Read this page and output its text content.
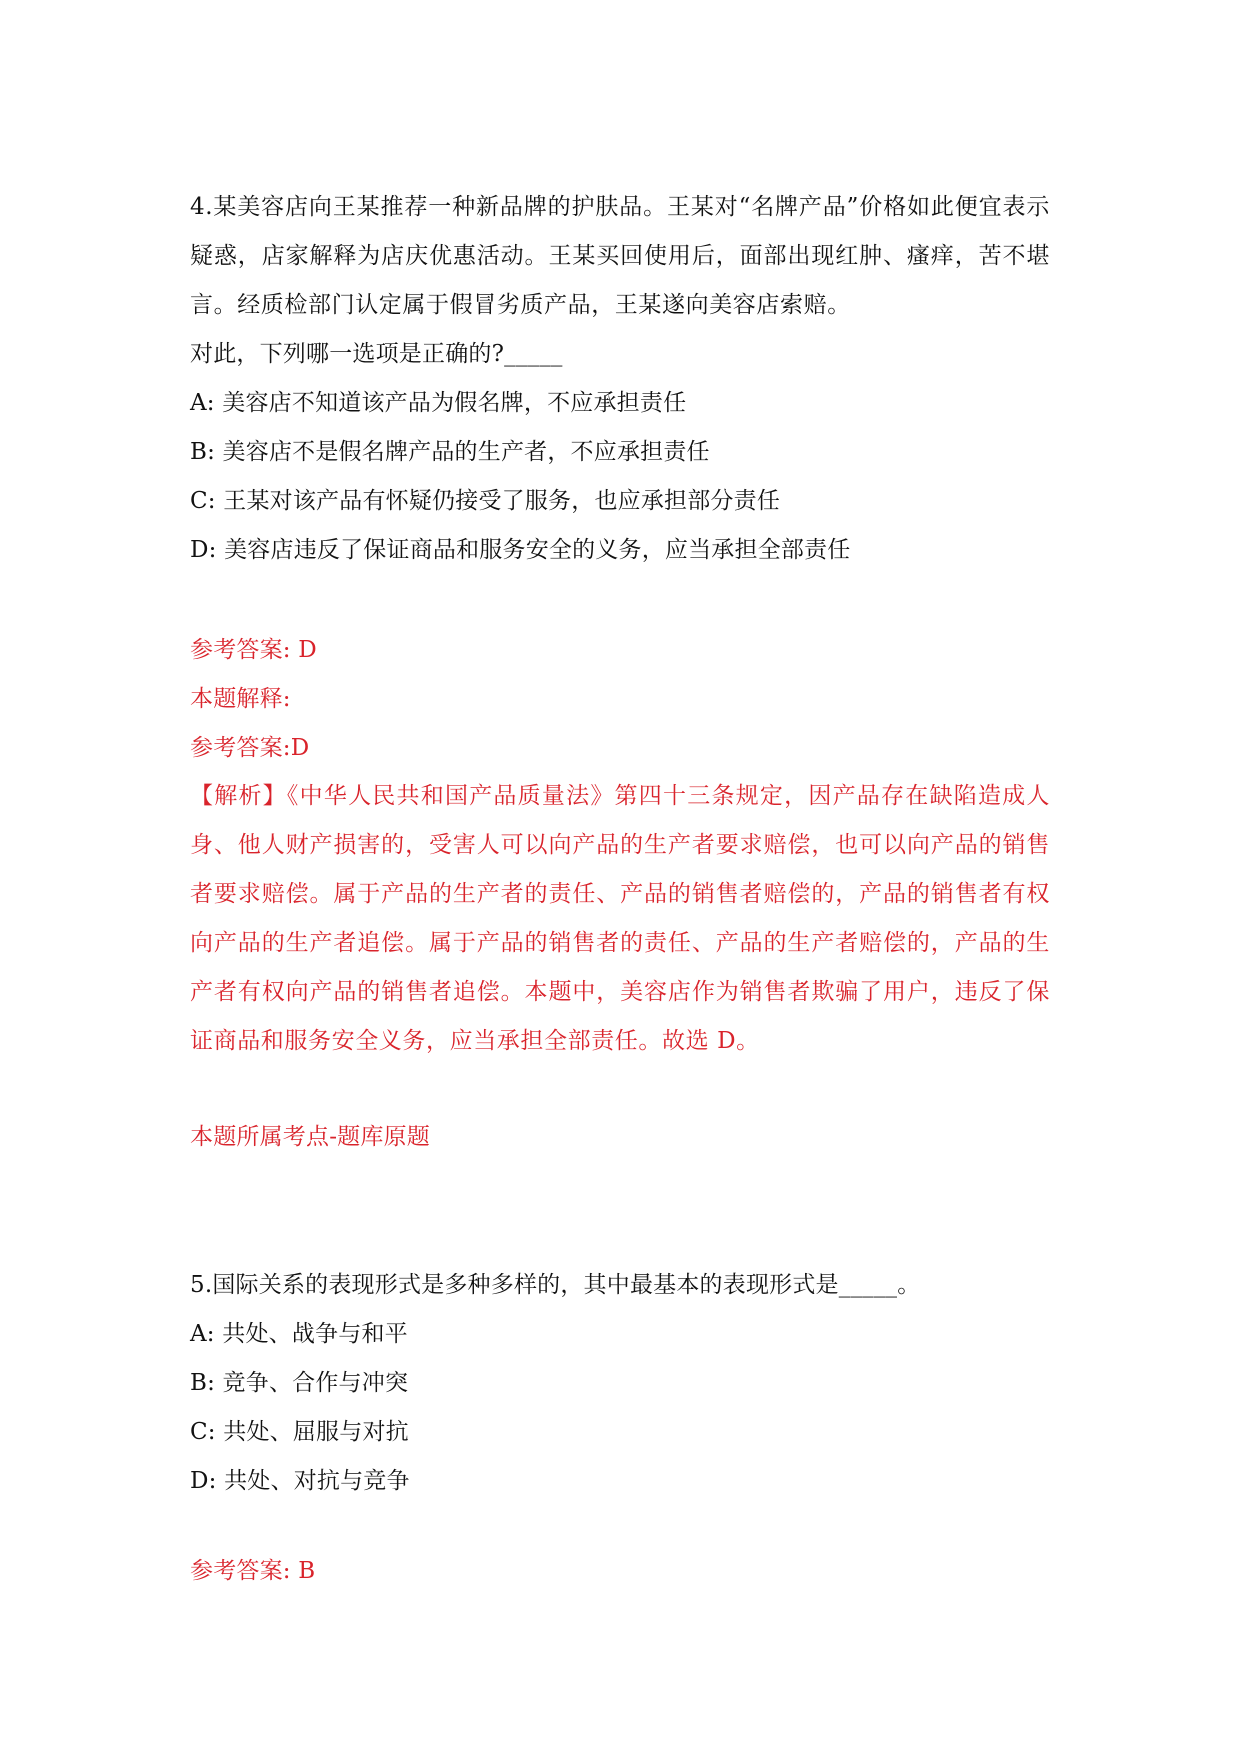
4.某美容店向王某推荐一种新品牌的护肤品。王某对“名牌产品”价格如此便宜表示疑惑，店家解释为店庆优惠活动。王某买回使用后，面部出现红肿、瘙痒，苦不堪言。经质检部门认定属于假冒劣质产品，王某遂向美容店索赔。
对此，下列哪一选项是正确的?_____
A: 美容店不知道该产品为假名牌，不应承担责任
B: 美容店不是假名牌产品的生产者，不应承担责任
C: 王某对该产品有怀疑仍接受了服务，也应承担部分责任
D: 美容店违反了保证商品和服务安全的义务，应当承担全部责任
参考答案: D
本题解释:
参考答案:D
【解析】《中华人民共和国产品质量法》第四十三条规定，因产品存在缺陷造成人身、他人财产损害的，受害人可以向产品的生产者要求赔偿，也可以向产品的销售者要求赔偿。属于产品的生产者的责任、产品的销售者赔偿的，产品的销售者有权向产品的生产者追偿。属于产品的销售者的责任、产品的生产者赔偿的，产品的生产者有权向产品的销售者追偿。本题中，美容店作为销售者欺骗了用户，违反了保证商品和服务安全义务，应当承担全部责任。故选 D。
本题所属考点-题库原题
5.国际关系的表现形式是多种多样的，其中最基本的表现形式是_____。
A: 共处、战争与和平
B: 竞争、合作与冲突
C: 共处、屈服与对抗
D: 共处、对抗与竞争
参考答案: B
